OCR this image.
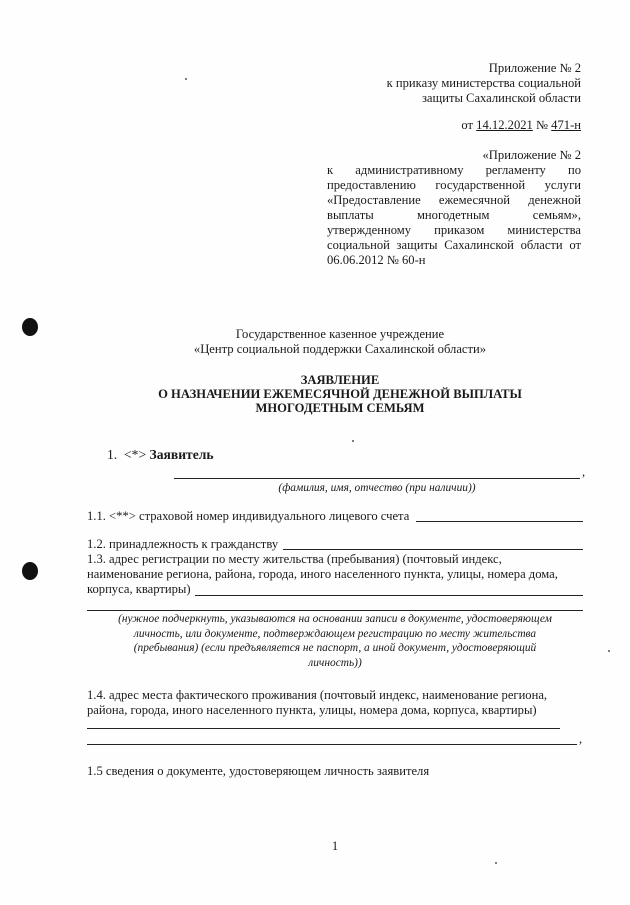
Приложение № 2
к приказу министерства социальной
защиты Сахалинской области
от 14.12.2021 № 471-н
«Приложение № 2
к административному регламенту по
предоставлению государственной услуги
«Предоставление ежемесячной денежной
выплаты многодетным семьям»,
утвержденному приказом министерства
социальной защиты Сахалинской области от
06.06.2012 № 60-н
Государственное казенное учреждение
«Центр социальной поддержки Сахалинской области»
ЗАЯВЛЕНИЕ
О НАЗНАЧЕНИИ ЕЖЕМЕСЯЧНОЙ ДЕНЕЖНОЙ ВЫПЛАТЫ
МНОГОДЕТНЫМ СЕМЬЯМ
1. <*> Заявитель
,
(фамилия, имя, отчество (при наличии))
1.1. <**> страховой номер индивидуального лицевого счета
1.2. принадлежность к гражданству
1.3. адрес регистрации по месту жительства (пребывания) (почтовый индекс,
наименование региона, района, города, иного населенного пункта, улицы, номера дома,
корпуса, квартиры)
(нужное подчеркнуть, указываются на основании записи в документе, удостоверяющем
личность, или документе, подтверждающем регистрацию по месту жительства
(пребывания) (если предъявляется не паспорт, а иной документ, удостоверяющий
личность))
1.4. адрес места фактического проживания (почтовый индекс, наименование региона,
района, города, иного населенного пункта, улицы, номера дома, корпуса, квартиры)
,
1.5 сведения о документе, удостоверяющем личность заявителя
1
